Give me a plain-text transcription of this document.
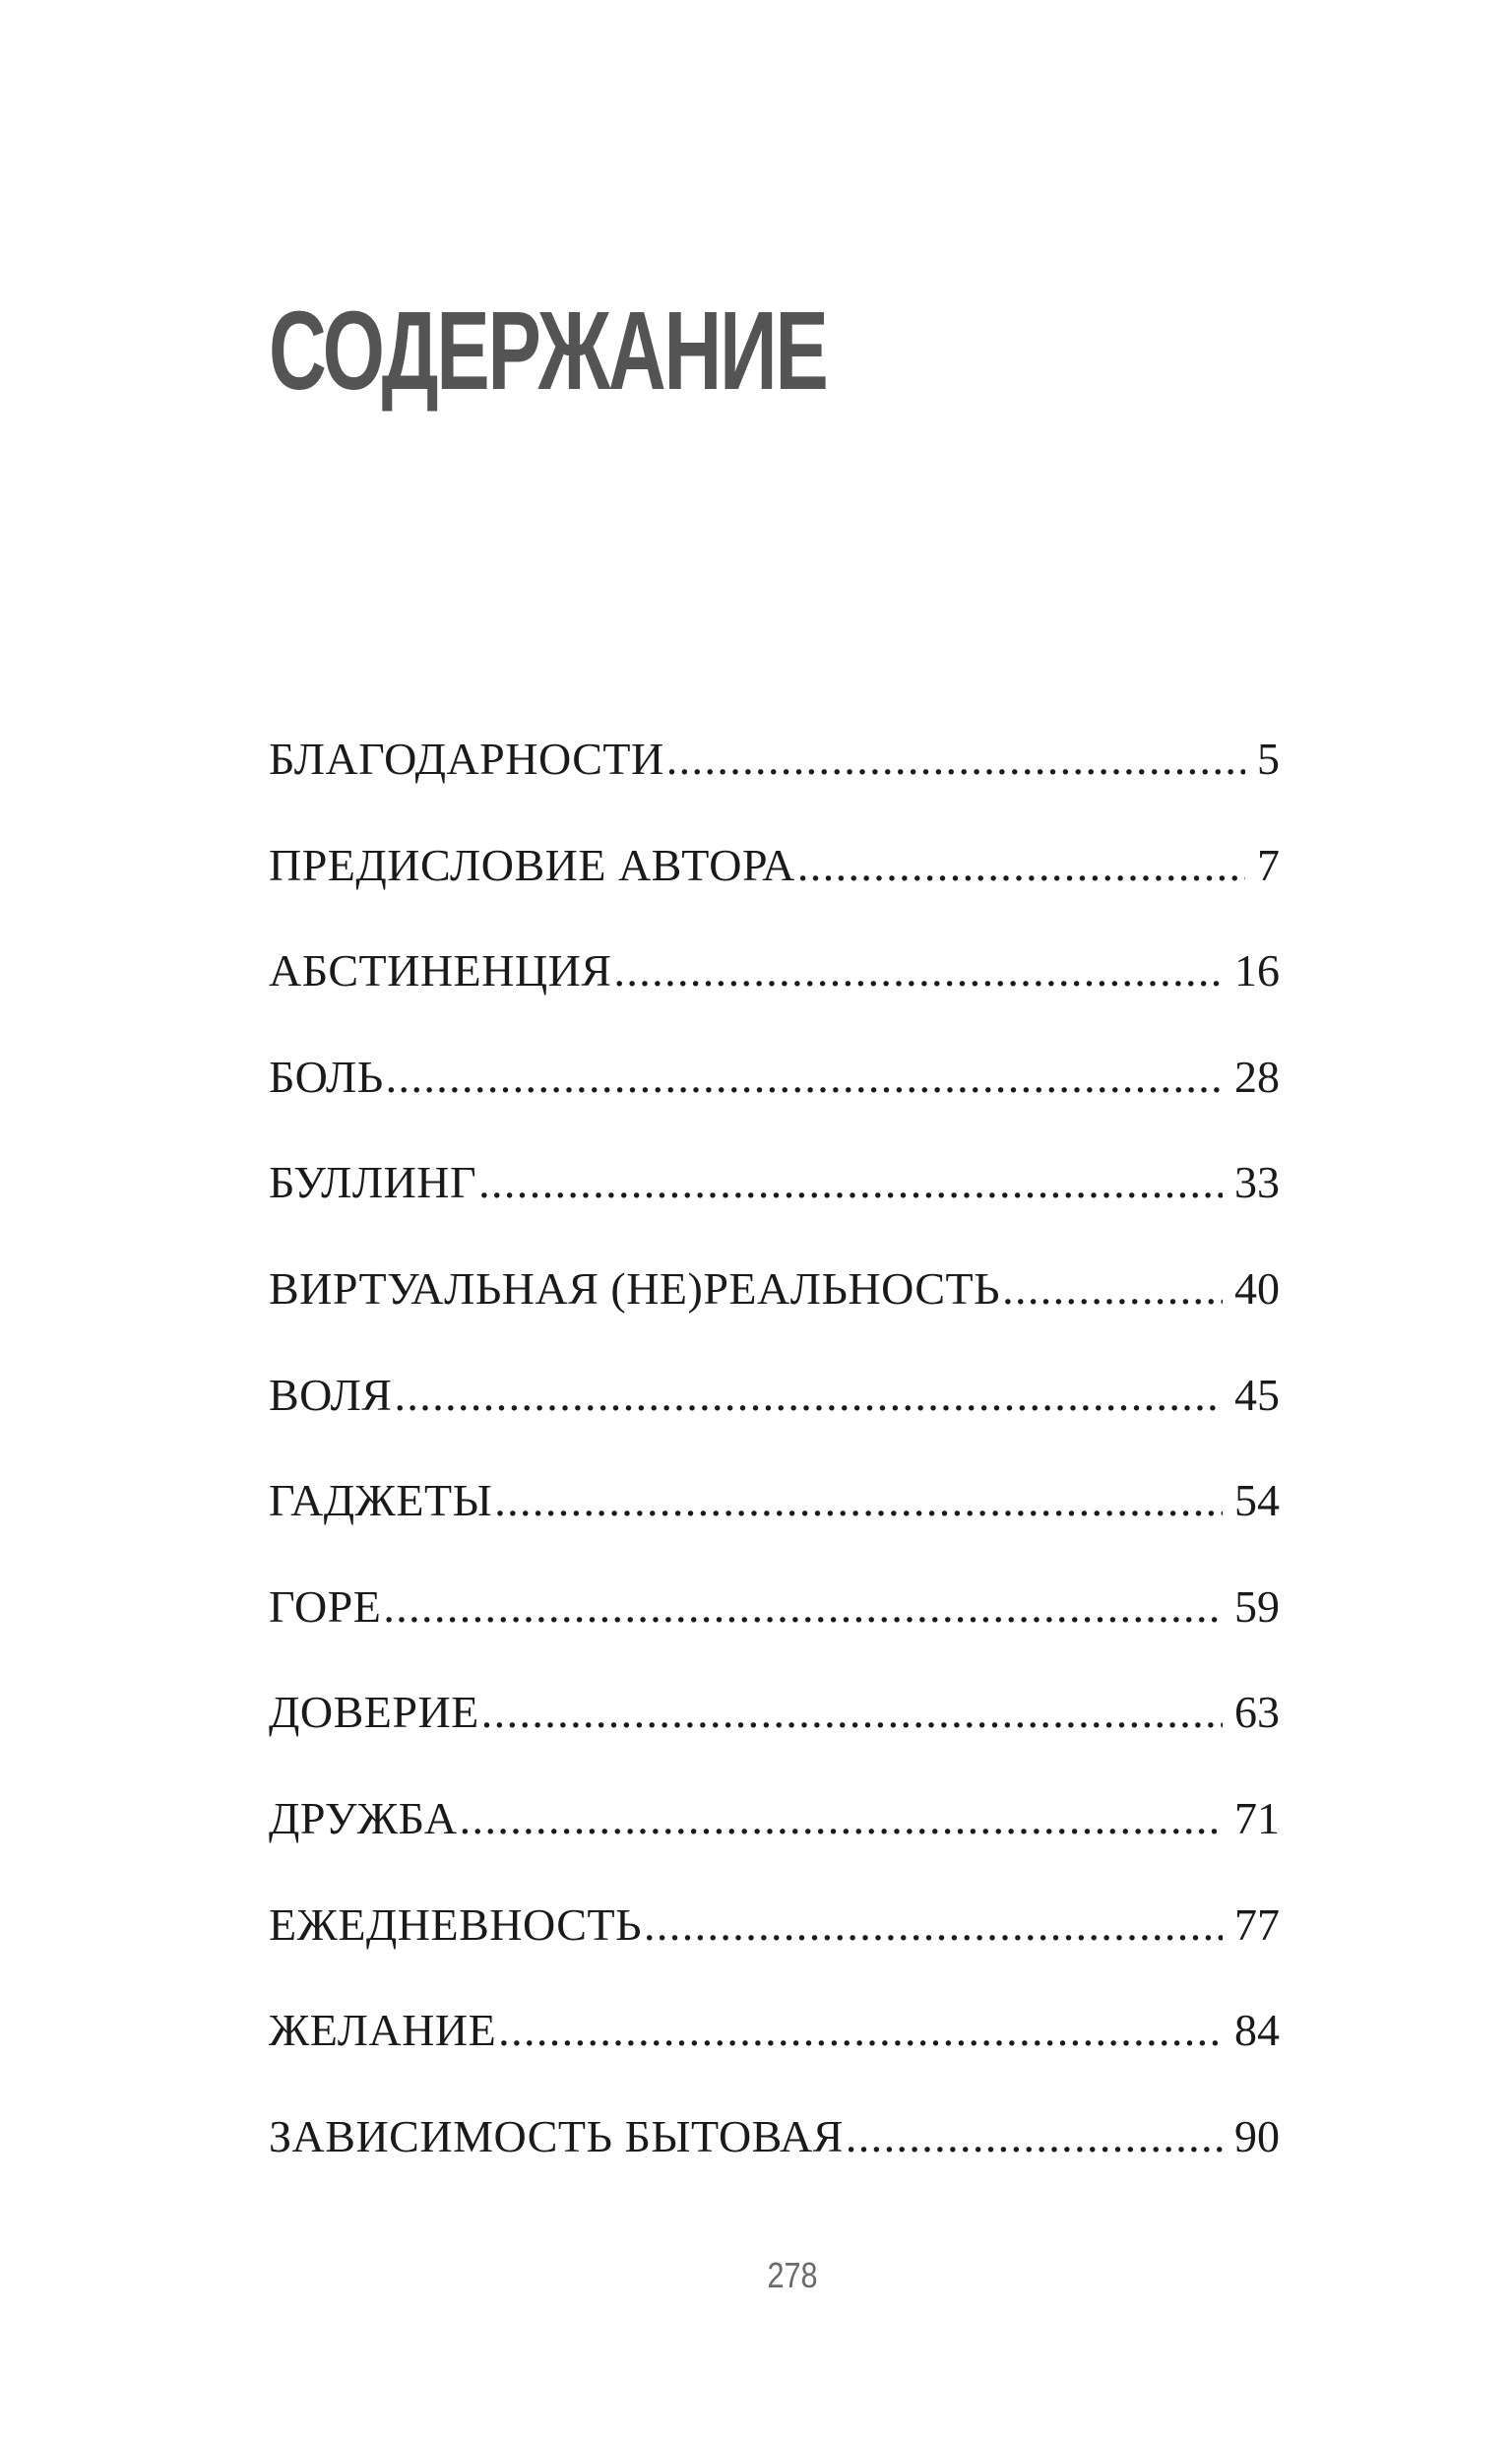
СОДЕРЖАНИЕ
БЛАГОДАРНОСТИ .....	5
ПРЕДИСЛОВИЕ АВТОРА .....	7
АБСТИНЕНЦИЯ .....	16
БОЛЬ .....	28
БУЛЛИНГ .....	33
ВИРТУАЛЬНАЯ (НЕ)РЕАЛЬНОСТЬ .....	40
ВОЛЯ .....	45
ГАДЖЕТЫ .....	54
ГОРЕ .....	59
ДОВЕРИЕ .....	63
ДРУЖБА .....	71
ЕЖЕДНЕВНОСТЬ .....	77
ЖЕЛАНИЕ .....	84
ЗАВИСИМОСТЬ БЫТОВАЯ .....	90
278
